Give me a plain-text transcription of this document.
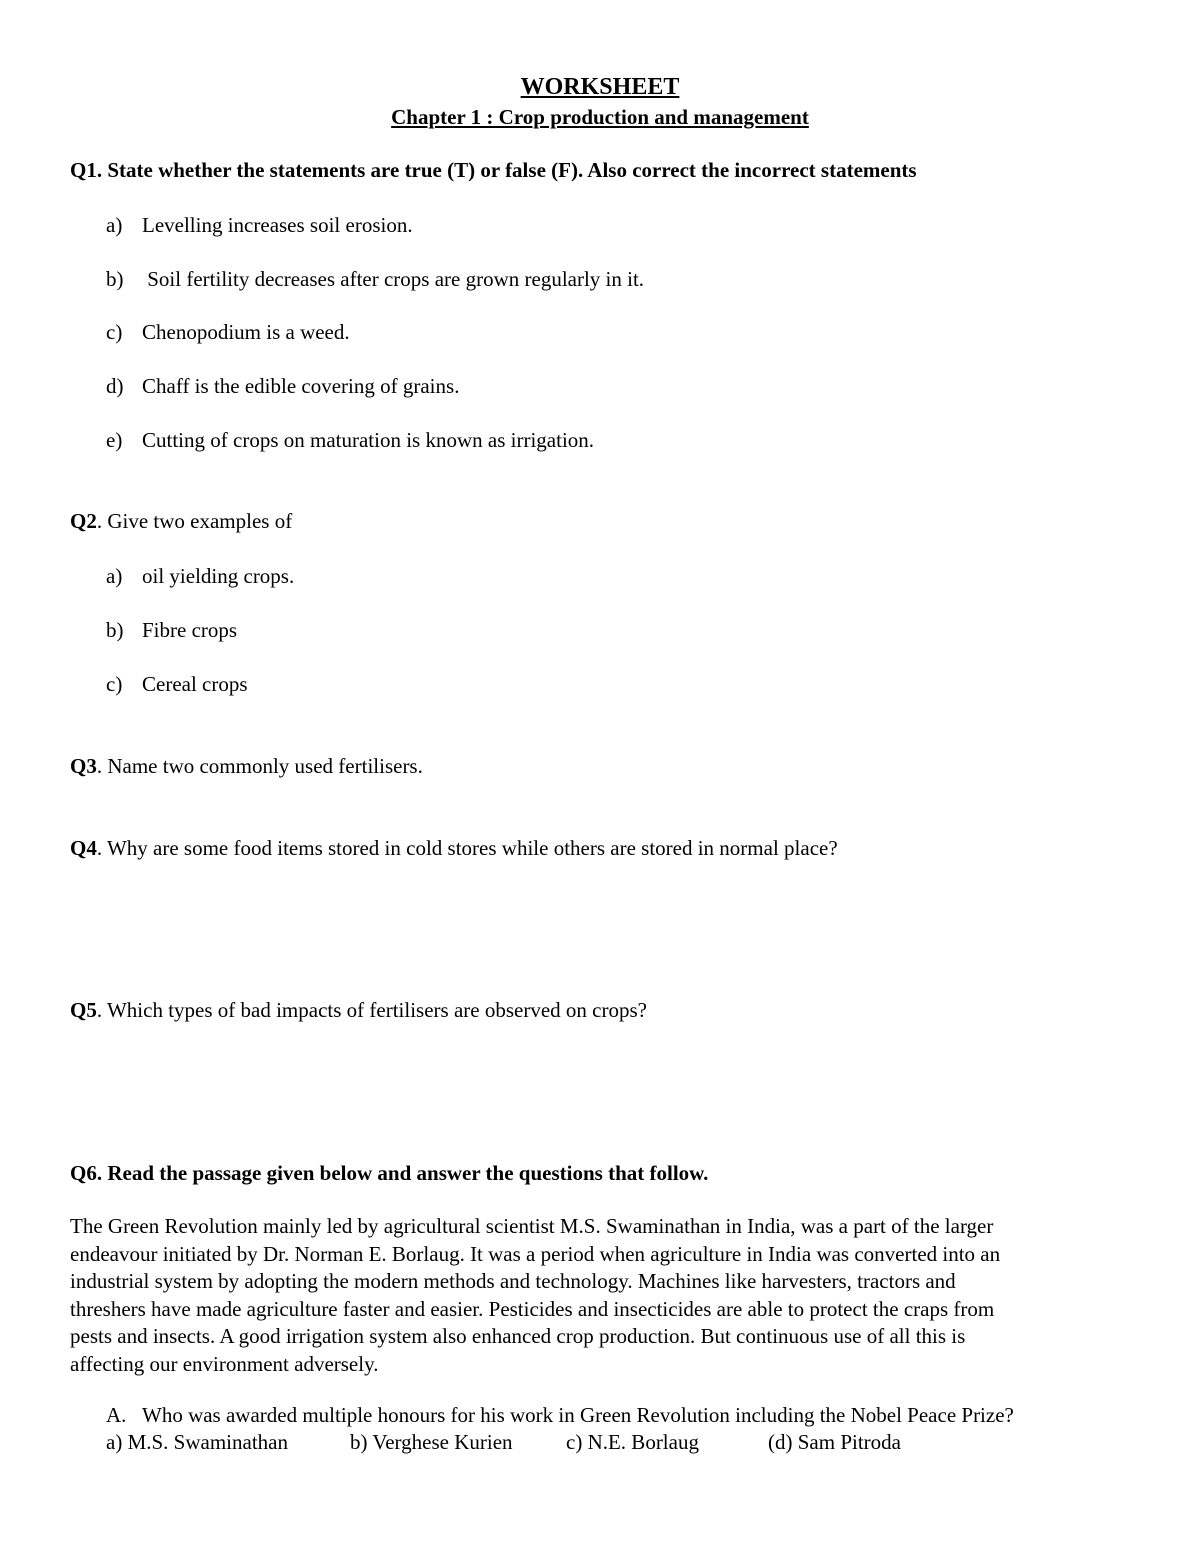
WORKSHEET
Chapter 1 : Crop production and management
Q1. State whether the statements are true (T) or false (F). Also correct the incorrect statements
a) Levelling increases soil erosion.
b) Soil fertility decreases after crops are grown regularly in it.
c) Chenopodium is a weed.
d) Chaff is the edible covering of grains.
e) Cutting of crops on maturation is known as irrigation.
Q2. Give two examples of
a) oil yielding crops.
b) Fibre crops
c) Cereal crops
Q3. Name two commonly used fertilisers.
Q4. Why are some food items stored in cold stores while others are stored in normal place?
Q5. Which types of bad impacts of fertilisers are observed on crops?
Q6. Read the passage given below and answer the questions that follow.
The Green Revolution mainly led by agricultural scientist M.S. Swaminathan in India, was a part of the larger
endeavour initiated by Dr. Norman E. Borlaug. It was a period when agriculture in India was converted into an
industrial system by adopting the modern methods and technology. Machines like harvesters, tractors and
threshers have made agriculture faster and easier. Pesticides and insecticides are able to protect the craps from
pests and insects. A good irrigation system also enhanced crop production. But continuous use of all this is
affecting our environment adversely.
A. Who was awarded multiple honours for his work in Green Revolution including the Nobel Peace Prize?
a) M.S. Swaminathan	b) Verghese Kurien	c) N.E. Borlaug	(d) Sam Pitroda
